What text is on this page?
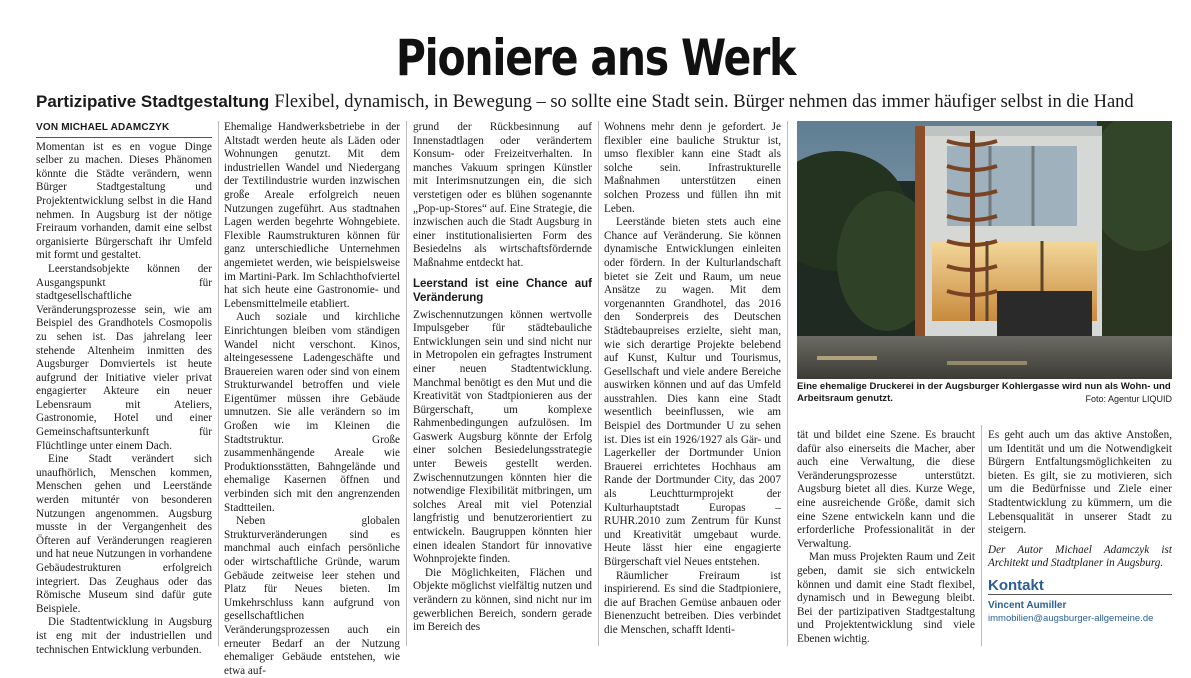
Pioniere ans Werk
Partizipative Stadtgestaltung Flexibel, dynamisch, in Bewegung – so sollte eine Stadt sein. Bürger nehmen das immer häufiger selbst in die Hand
VON MICHAEL ADAMCZYK

Momentan ist es en vogue Dinge selber zu machen. Dieses Phänomen könnte die Städte verändern, wenn Bürger Stadtgestaltung und Projektentwicklung selbst in die Hand nehmen. In Augsburg ist der nötige Freiraum vorhanden, damit eine selbst organisierte Bürgerschaft ihr Umfeld mit formt und gestaltet.

Leerstandsobjekte können der Ausgangspunkt für stadtgesellschaftliche Veränderungsprozesse sein, wie am Beispiel des Grandhotels Cosmopolis zu sehen ist. Das jahrelang leer stehende Altenheim inmitten des Augsburger Domviertels ist heute aufgrund der Initiative vieler privat engagierter Akteure ein neuer Lebensraum mit Ateliers, Gastronomie, Hotel und einer Gemeinschaftsunterkunft für Flüchtlinge unter einem Dach.

Eine Stadt verändert sich unaufhörlich, Menschen kommen, Menschen gehen und Leerstände werden mituntér von besonderen Nutzungen angenommen. Augsburg musste in der Vergangenheit des Öfteren auf Veränderungen reagieren und hat neue Nutzungen in vorhandene Gebäudestrukturen erfolgreich integriert. Das Zeughaus oder das Römische Museum sind dafür gute Beispiele.

Die Stadtentwicklung in Augsburg ist eng mit der industriellen und technischen Entwicklung verbunden.

Ehemalige Handwerksbetriebe in der Altstadt werden heute als Läden oder Wohnungen genutzt. Mit dem industriellen Wandel und Niedergang der Textilindustrie wurden inzwischen große Areale erfolgreich neuen Nutzungen zugeführt. Aus stadtnahen Lagen werden begehrte Wohngebiete. Flexible Raumstrukturen können für ganz unterschiedliche Unternehmen angemietet werden, wie beispielsweise im Martini-Park. Im Schlachthofviertel hat sich heute eine Gastronomie- und Lebensmittelmeile etabliert.

Auch soziale und kirchliche Einrichtungen bleiben vom ständigen Wandel nicht verschont. Kinos, alteingesessene Ladengeschäfte und Brauereien waren oder sind von einem Strukturwandel betroffen und viele Eigentümer müssen ihre Gebäude umnutzen. Sie alle verändern so im Großen wie im Kleinen die Stadtstruktur. Große zusammenhängende Areale wie Produktionsstätten, Bahngelände und ehemalige Kasernen öffnen und verbinden sich mit den angrenzenden Stadtteilen.

Neben globalen Strukturveränderungen sind es manchmal auch einfach persönliche oder wirtschaftliche Gründe, warum Gebäude zeitweise leer stehen und Platz für Neues bieten. Im Umkehrschluss kann aufgrund von gesellschaftlichen Veränderungsprozessen auch ein erneuter Bedarf an der Nutzung ehemaliger Gebäude entstehen, wie etwa auf-

grund der Rückbesinnung auf Innenstadtlagen oder verändertem Konsum- oder Freizeitverhalten. In manches Vakuum springen Künstler mit Interimsnutzungen ein, die sich verstetigen oder es blühen sogenannte „Pop-up-Stores“ auf. Eine Strategie, die inzwischen auch die Stadt Augsburg in einer institutionalisierten Form des Besiedelns als wirtschaftsfördernde Maßnahme entdeckt hat.

Leerstand ist eine Chance auf Veränderung

Zwischennutzungen können wertvolle Impulsgeber für städtebauliche Entwicklungen sein und sind nicht nur in Metropolen ein gefragtes Instrument einer neuen Stadtentwicklung. Manchmal benötigt es den Mut und die Kreativität von Stadtpionieren aus der Bürgerschaft, um komplexe Rahmenbedingungen aufzulösen. Im Gaswerk Augsburg könnte der Erfolg einer solchen Besiedelungsstrategie unter Beweis gestellt werden. Zwischennutzungen könnten hier die notwendige Flexibilität mitbringen, um solches Areal mit viel Potenzial langfristig und benutzerorientiert zu entwickeln. Baugruppen könnten hier einen idealen Standort für innovative Wohnprojekte finden.

Die Möglichkeiten, Flächen und Objekte möglichst vielfältig nutzen und verändern zu können, sind nicht nur im gewerblichen Bereich, sondern gerade im Bereich des

Wohnens mehr denn je gefordert. Je flexibler eine bauliche Struktur ist, umso flexibler kann eine Stadt als solche sein. Infrastrukturelle Maßnahmen unterstützen einen solchen Prozess und füllen ihn mit Leben.

Leerstände bieten stets auch eine Chance auf Veränderung. Sie können dynamische Entwicklungen einleiten oder fördern. In der Kulturlandschaft bietet sie Zeit und Raum, um neue Ansätze zu wagen. Mit dem vorgenannten Grandhotel, das 2016 den Sonderpreis des Deutschen Städtebaupreises erzielte, sieht man, wie sich derartige Projekte belebend auf Kunst, Kultur und Tourismus, Gesellschaft und viele andere Bereiche auswirken können und auf das Umfeld ausstrahlen. Dies kann eine Stadt wesentlich beeinflussen, wie am Beispiel des Dortmunder U zu sehen ist. Dies ist ein 1926/1927 als Gär- und Lagerkeller der Dortmunder Union Brauerei errichtetes Hochhaus am Rande der Dortmunder City, das 2007 als Leuchtturmprojekt der Kulturhauptstadt Europas – RUHR.2010 zum Zentrum für Kunst und Kreativität umgebaut wurde. Heute lässt hier eine engagierte Bürgerschaft viel Neues entstehen.

Räumlicher Freiraum ist inspirierend. Es sind die Stadtpioniere, die auf Brachen Gemüse anbauen oder Bienenzucht betreiben. Dies verbindet die Menschen, schafft Identi-

Eine ehemalige Druckerei in der Augsburger Kohlergasse wird nun als Wohn- und Arbeitsraum genutzt.	Foto: Agentur LIQUID

tät und bildet eine Szene. Es braucht dafür also einerseits die Macher, aber auch eine Verwaltung, die diese Veränderungsprozesse unterstützt. Augsburg bietet all dies. Kurze Wege, eine ausreichende Größe, damit sich eine Szene entwickeln kann und die erforderliche Professionalität in der Verwaltung.

Man muss Projekten Raum und Zeit geben, damit sie sich entwickeln können und damit eine Stadt flexibel, dynamisch und in Bewegung bleibt. Bei der partizipativen Stadtgestaltung und Projektentwicklung sind viele Ebenen wichtig.

Es geht auch um das aktive Anstoßen, um Identität und um die Notwendigkeit Bürgern Entfaltungsmöglichkeiten zu bieten. Es gilt, sie zu motivieren, sich um die Bedürfnisse und Ziele einer Stadtentwicklung zu kümmern, um die Lebensqualität in unserer Stadt zu steigern.

Der Autor Michael Adamczyk ist Architekt und Stadtplaner in Augsburg.

Kontakt
Vincent Aumiller
immobilien@augsburger-allgemeine.de
